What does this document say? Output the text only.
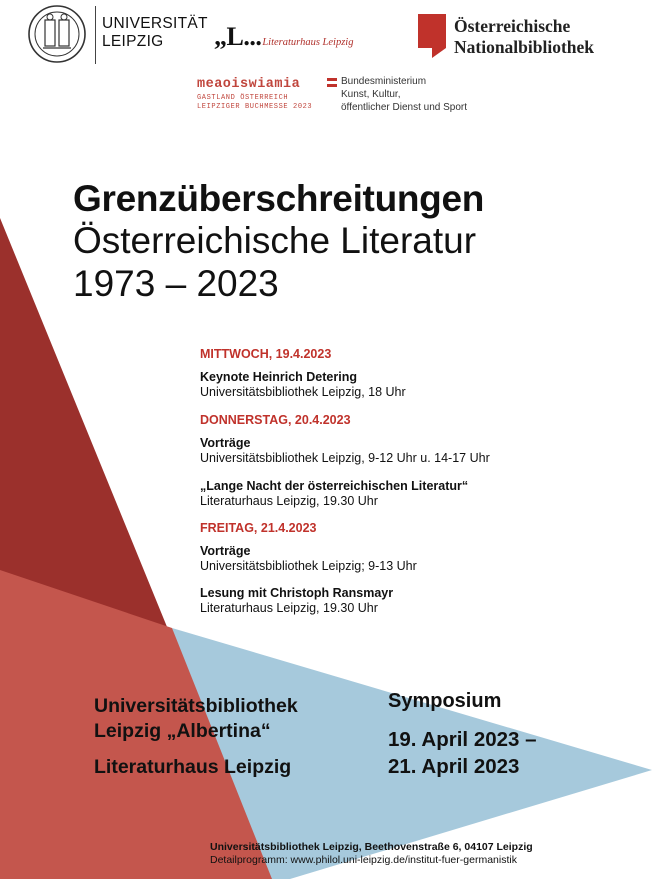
UNIVERSITÄT
LEIPZIG	„L... Literaturhaus Leipzig
Österreichische
Nationalbibliothek
meaoiswiamia
GASTLAND ÖSTERREICH
LEIPZIGER BUCHMESSE 2023
Bundesministerium
Kunst, Kultur,
öffentlicher Dienst und Sport
Grenzüberschreitungen
Österreichische Literatur
1973 – 2023
MITTWOCH, 19.4.2023

Keynote Heinrich Detering

Universitätsbibliothek Leipzig, 18 Uhr

DONNERSTAG, 20.4.2023

Vorträge

Universitätsbibliothek Leipzig, 9-12 Uhr u. 14-17 Uhr

„Lange Nacht der österreichischen Literatur“

Literaturhaus Leipzig, 19.30 Uhr

FREITAG, 21.4.2023

Vorträge

Universitätsbibliothek Leipzig; 9-13 Uhr

Lesung mit Christoph Ransmayr

Literaturhaus Leipzig, 19.30 Uhr

Universitätsbibliothek
Leipzig „Albertina“
Literaturhaus Leipzig
Symposium
19. April 2023 –
21. April 2023
Universitätsbibliothek Leipzig, Beethovenstraße 6, 04107 Leipzig
Detailprogramm: www.philol.uni-leipzig.de/institut-fuer-germanistik
